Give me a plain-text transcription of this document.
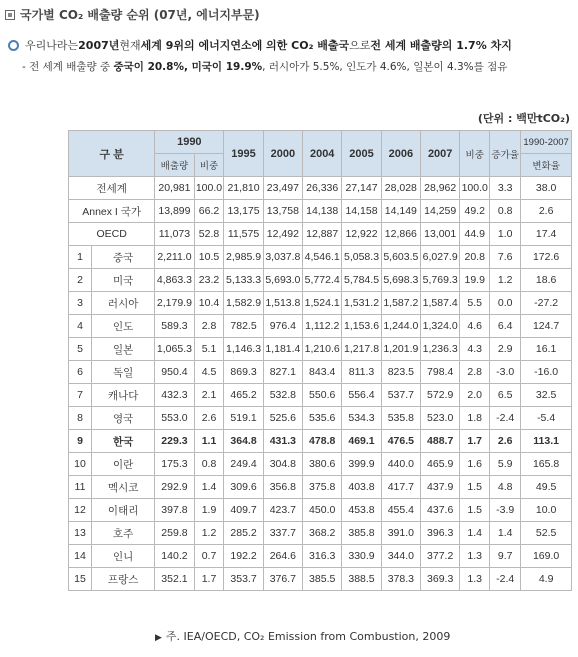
국가별 CO₂ 배출량 순위 (07년, 에너지부문)
우리나라는 2007년 현재 세계 9위의 에너지연소에 의한 CO₂ 배출국 으로 전 세계 배출량의 1.7% 차지
- 전 세계 배출량 중 중국이 20.8%, 미국이 19.9%, 러시아가 5.5%, 인도가 4.6%, 일본이 4.3%를 점유
(단위 : 백만tCO₂)
구 분		1990		1995	2000	2004	2005	2006	2007	비중	증가율	1990-2007
		배출량	비중									변화율
전세계		20,981	100.0	21,810	23,497	26,336	27,147	28,028	28,962	100.0	3.3	38.0
Annex I 국가		13,899	66.2	13,175	13,758	14,138	14,158	14,149	14,259	49.2	0.8	2.6
OECD		11,073	52.8	11,575	12,492	12,887	12,922	12,866	13,001	44.9	1.0	17.4
1	중국	2,211.0	10.5	2,985.9	3,037.8	4,546.1	5,058.3	5,603.5	6,027.9	20.8	7.6	172.6
2	미국	4,863.3	23.2	5,133.3	5,693.0	5,772.4	5,784.5	5,698.3	5,769.3	19.9	1.2	18.6
3	러시아	2,179.9	10.4	1,582.9	1,513.8	1,524.1	1,531.2	1,587.2	1,587.4	5.5	0.0	-27.2
4	인도	589.3	2.8	782.5	976.4	1,112.2	1,153.6	1,244.0	1,324.0	4.6	6.4	124.7
5	일본	1,065.3	5.1	1,146.3	1,181.4	1,210.6	1,217.8	1,201.9	1,236.3	4.3	2.9	16.1
6	독일	950.4	4.5	869.3	827.1	843.4	811.3	823.5	798.4	2.8	-3.0	-16.0
7	캐나다	432.3	2.1	465.2	532.8	550.6	556.4	537.7	572.9	2.0	6.5	32.5
8	영국	553.0	2.6	519.1	525.6	535.6	534.3	535.8	523.0	1.8	-2.4	-5.4
9	한국	229.3	1.1	364.8	431.3	478.8	469.1	476.5	488.7	1.7	2.6	113.1
10	이란	175.3	0.8	249.4	304.8	380.6	399.9	440.0	465.9	1.6	5.9	165.8
11	멕시코	292.9	1.4	309.6	356.8	375.8	403.8	417.7	437.9	1.5	4.8	49.5
12	이태리	397.8	1.9	409.7	423.7	450.0	453.8	455.4	437.6	1.5	-3.9	10.0
13	호주	259.8	1.2	285.2	337.7	368.2	385.8	391.0	396.3	1.4	1.4	52.5
14	인니	140.2	0.7	192.2	264.6	316.3	330.9	344.0	377.2	1.3	9.7	169.0
15	프랑스	352.1	1.7	353.7	376.7	385.5	388.5	378.3	369.3	1.3	-2.4	4.9
▶ 주. IEA/OECD, CO₂ Emission from Combustion, 2009
